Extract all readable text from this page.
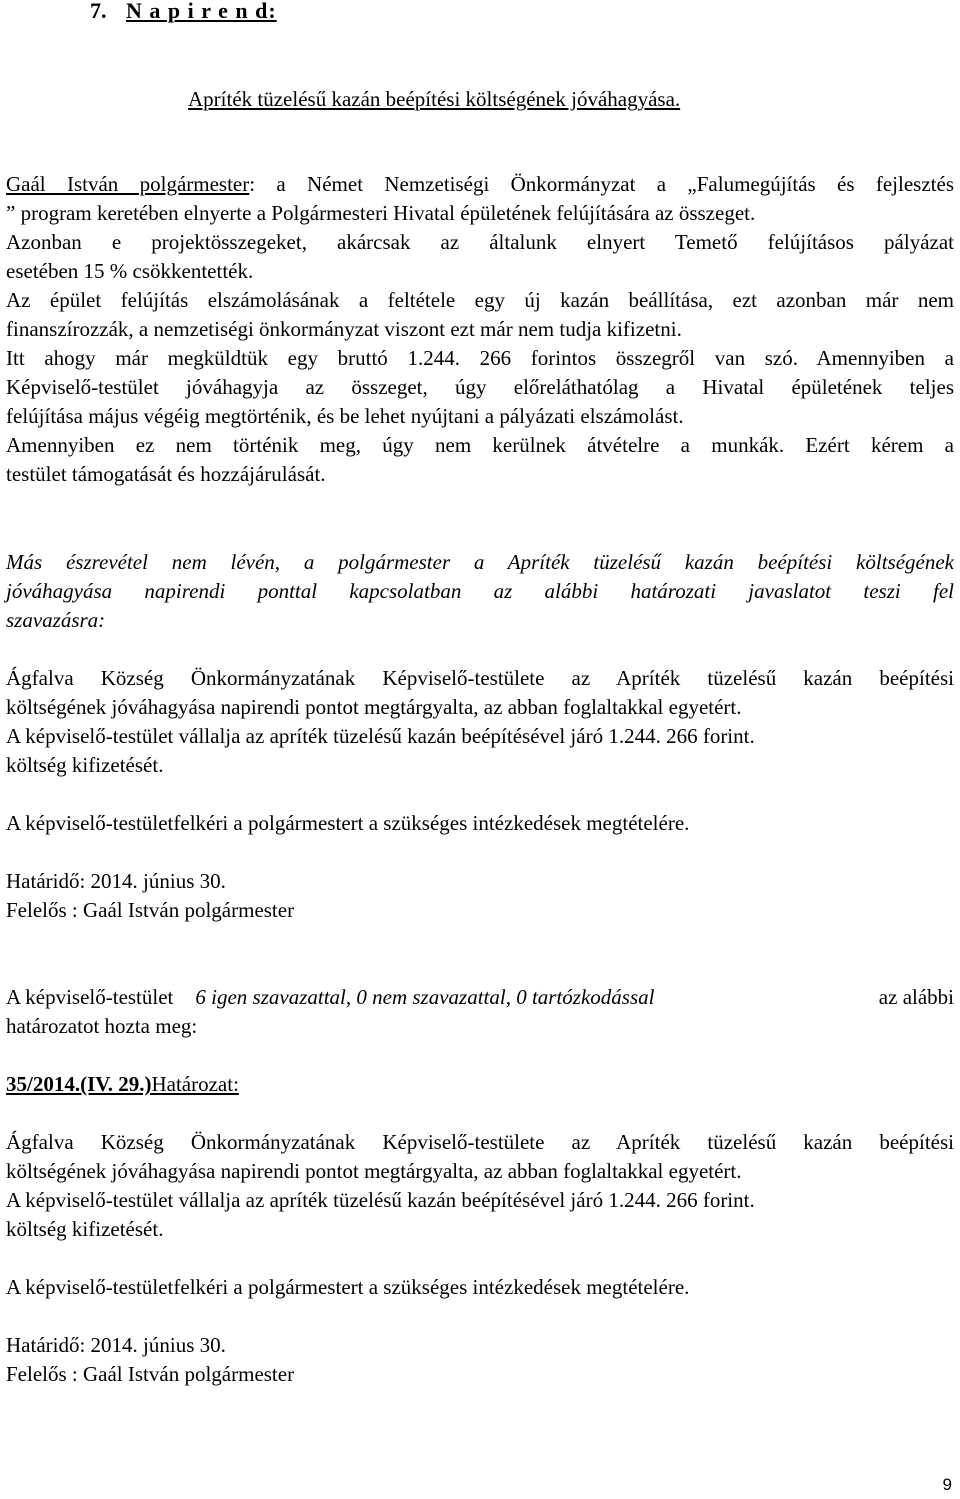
7. N a p i r e n d:
Apríték tüzelésű kazán beépítési költségének jóváhagyása.

Gaál István polgármester: a Német Nemzetiségi Önkormányzat a „Falumegújítás és fejlesztés

” program keretében elnyerte a Polgármesteri Hivatal épületének felújítására az összeget.

Azonban e projektösszegeket, akárcsak az általunk elnyert Temető felújításos pályázat

esetében 15 % csökkentették.

Az épület felújítás elszámolásának a feltétele egy új kazán beállítása, ezt azonban már nem

finanszírozzák, a nemzetiségi önkormányzat viszont ezt már nem tudja kifizetni.

Itt ahogy már megküldtük egy bruttó 1.244. 266 forintos összegről van szó. Amennyiben a

Képviselő-testület jóváhagyja az összeget, úgy előreláthatólag a Hivatal épületének teljes

felújítása május végéig megtörténik, és be lehet nyújtani a pályázati elszámolást.

Amennyiben ez nem történik meg, úgy nem kerülnek átvételre a munkák. Ezért kérem a

testület támogatását és hozzájárulását.

Más észrevétel nem lévén, a polgármester a Apríték tüzelésű kazán beépítési költségének

jóváhagyása napirendi ponttal kapcsolatban az alábbi határozati javaslatot teszi fel

szavazásra:

Ágfalva Község Önkormányzatának Képviselő-testülete az Apríték tüzelésű kazán beépítési

költségének jóváhagyása napirendi pontot megtárgyalta, az abban foglaltakkal egyetért.

A képviselő-testület vállalja az apríték tüzelésű kazán beépítésével járó 1.244. 266 forint.

költség kifizetését.

A képviselő-testületfelkéri a polgármestert a szükséges intézkedések megtételére.

Határidő: 2014. június 30.

Felelős : Gaál István polgármester

A képviselő-testület 6 igen szavazattal, 0 nem szavazattal, 0 tartózkodással	az alábbi

határozatot hozta meg:

35/2014.(IV. 29.)Határozat:

Ágfalva Község Önkormányzatának Képviselő-testülete az Apríték tüzelésű kazán beépítési

költségének jóváhagyása napirendi pontot megtárgyalta, az abban foglaltakkal egyetért.

A képviselő-testület vállalja az apríték tüzelésű kazán beépítésével járó 1.244. 266 forint.

költség kifizetését.

A képviselő-testületfelkéri a polgármestert a szükséges intézkedések megtételére.

Határidő: 2014. június 30.

Felelős : Gaál István polgármester

9
